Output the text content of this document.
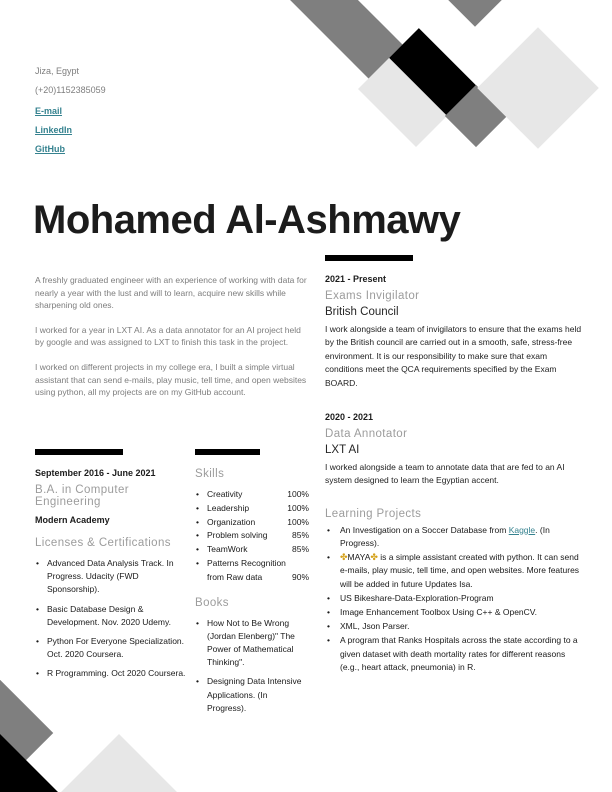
Jiza, Egypt
(+20)1152385059
E-mail
LinkedIn
GitHub
Mohamed Al-Ashmawy

A freshly graduated engineer with an experience of working with data for nearly a year with the lust and will to learn, acquire new skills while sharpening old ones.

I worked for a year in LXT AI. As a data annotator for an AI project held by google and was assigned to LXT to finish this task in the project.

I worked on different projects in my college era, I built a simple virtual assistant that can send e-mails, play music, tell time, and open websites using python, all my projects are on my GitHub account.

September 2016 - June 2021
B.A. in Computer Engineering
Modern Academy
Licenses & Certifications
• Advanced Data Analysis Track. In Progress. Udacity (FWD Sponsorship).
• Basic Database Design & Development. Nov. 2020 Udemy.
• Python For Everyone Specialization. Oct. 2020 Coursera.
• R Programming. Oct 2020 Coursera.
Skills
• Creativity	100%
• Leadership	100%
• Organization	100%
• Problem solving	85%
• TeamWork	85%
• Patterns Recognition from Raw data	90%
Books
• How Not to Be Wrong (Jordan Elenberg)" The Power of Mathematical Thinking".
• Designing Data Intensive Applications. (In Progress).
2021 - Present
Exams Invigilator
British Council
I work alongside a team of invigilators to ensure that the exams held by the British council are carried out in a smooth, safe, stress-free environment. It is our responsibility to make sure that exam conditions meet the QCA requirements specified by the Exam BOARD.
2020 - 2021
Data Annotator
LXT AI
I worked alongside a team to annotate data that are fed to an AI system designed to learn the Egyptian accent.
Learning Projects
• An Investigation on a Soccer Database from Kaggle. (In Progress).
• ✤MAYA✤ is a simple assistant created with python. It can send e-mails, play music, tell time, and open websites. More features will be added in future Updates Isa.
• US Bikeshare-Data-Exploration-Program
• Image Enhancement Toolbox Using C++ & OpenCV.
• XML, Json Parser.
• A program that Ranks Hospitals across the state according to a given dataset with death mortality rates for different reasons (e.g., heart attack, pneumonia) in R.
